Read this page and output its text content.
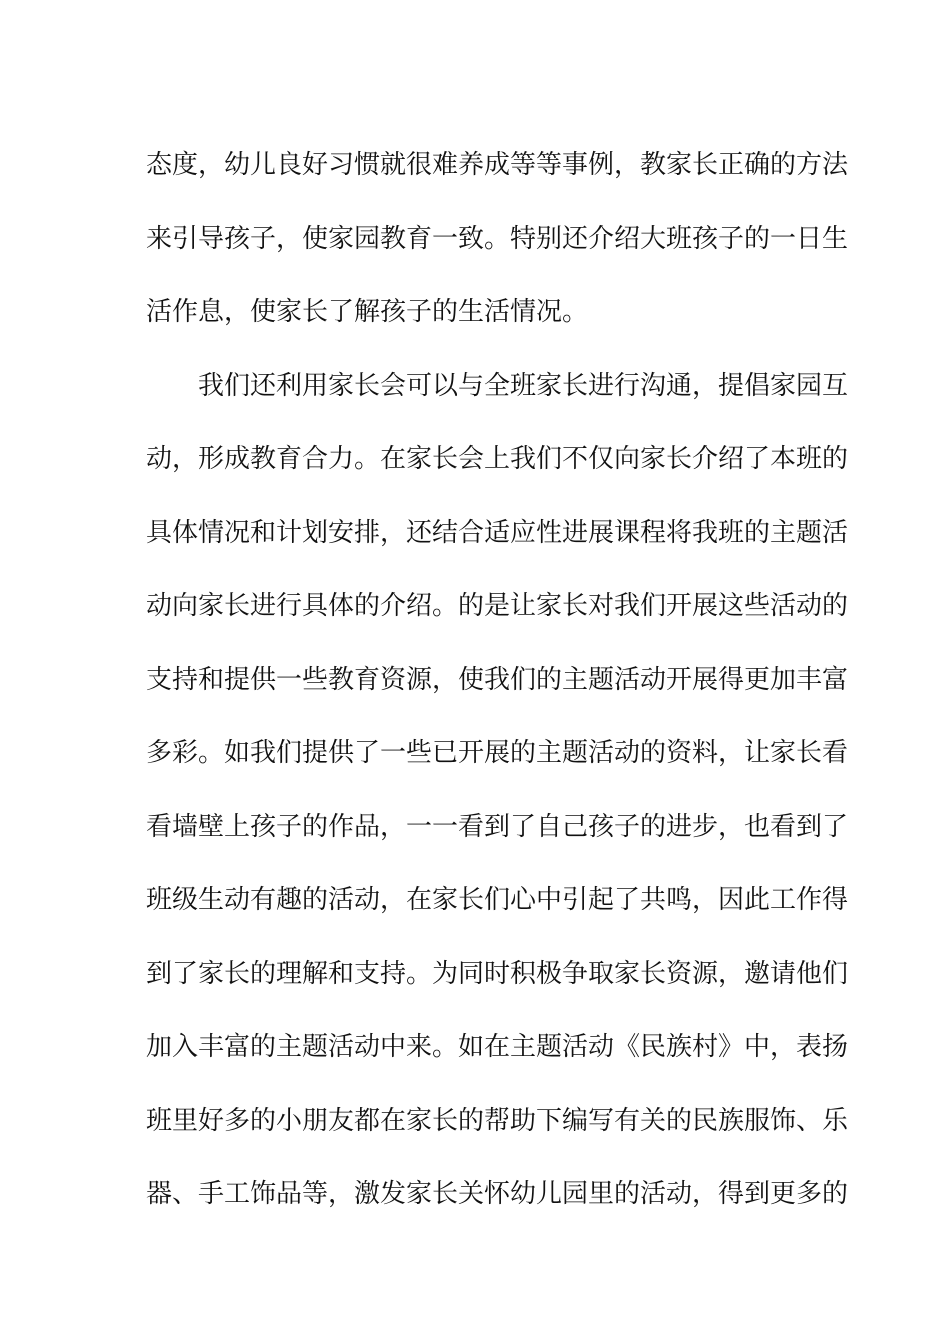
态度，幼儿良好习惯就很难养成等等事例，教家长正确的方法
来引导孩子，使家园教育一致。特别还介绍大班孩子的一日生
活作息，使家长了解孩子的生活情况。
我们还利用家长会可以与全班家长进行沟通，提倡家园互
动，形成教育合力。在家长会上我们不仅向家长介绍了本班的
具体情况和计划安排，还结合适应性进展课程将我班的主题活
动向家长进行具体的介绍。的是让家长对我们开展这些活动的
支持和提供一些教育资源，使我们的主题活动开展得更加丰富
多彩。如我们提供了一些已开展的主题活动的资料，让家长看
看墙壁上孩子的作品，一一看到了自己孩子的进步，也看到了
班级生动有趣的活动，在家长们心中引起了共鸣，因此工作得
到了家长的理解和支持。为同时积极争取家长资源，邀请他们
加入丰富的主题活动中来。如在主题活动《民族村》中，表扬
班里好多的小朋友都在家长的帮助下编写有关的民族服饰、乐
器、手工饰品等，激发家长关怀幼儿园里的活动，得到更多的
